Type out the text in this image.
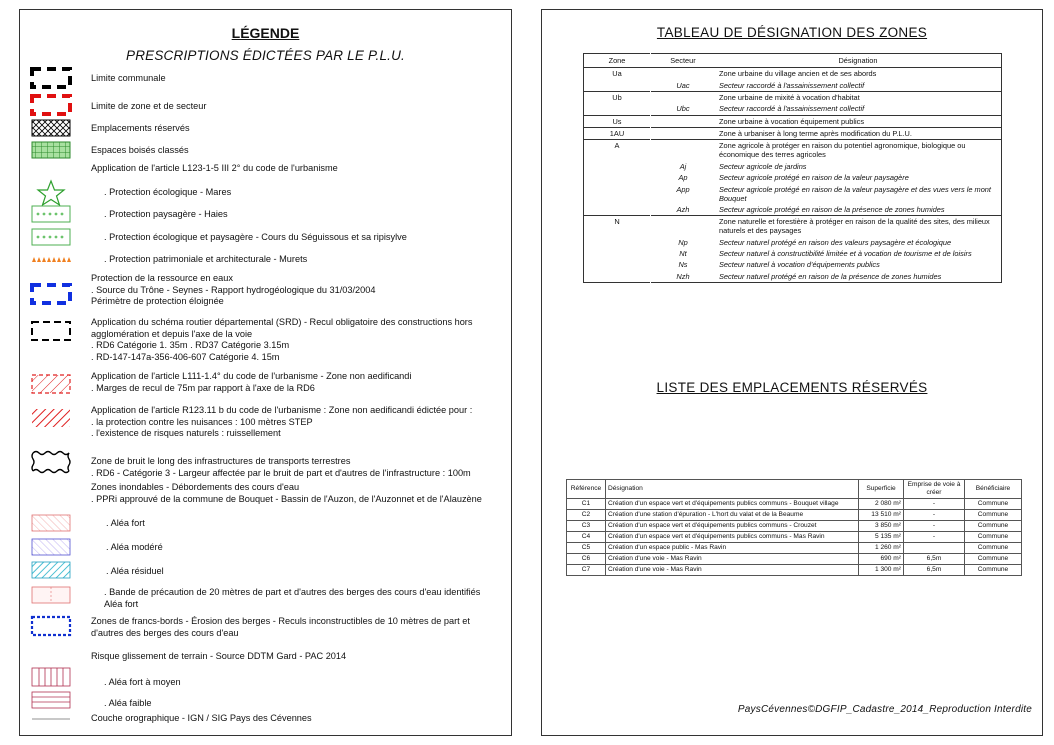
LÉGENDE
PRESCRIPTIONS ÉDICTÉES PAR LE P.L.U.
Limite communale
Limite de zone et de secteur
Emplacements réservés
Espaces boisés classés
Application de l'article L123-1-5 III 2° du code de l'urbanisme
. Protection écologique - Mares
. Protection paysagère - Haies
. Protection écologique et paysagère - Cours du Séguissous et sa ripisylve
. Protection patrimoniale et architecturale - Murets
Protection de la ressource en eaux
. Source du Trône - Seynes - Rapport hydrogéologique du 31/03/2004
Périmètre de protection éloignée
Application du schéma routier départemental (SRD) - Recul obligatoire des constructions hors agglomération et depuis l'axe de la voie
. RD6 Catégorie 1. 35m . RD37 Catégorie 3.15m
. RD-147-147a-356-406-607 Catégorie 4. 15m
Application de l'article L111-1.4° du code de l'urbanisme - Zone non aedificandi
. Marges de recul de 75m par rapport à l'axe de la RD6
Application de l'article R123.11 b du code de l'urbanisme : Zone non aedificandi édictée pour :
. la protection contre les nuisances : 100 mètres STEP
. l'existence de risques naturels : ruissellement
Zone de bruit le long des infrastructures de transports terrestres
. RD6 - Catégorie 3 - Largeur affectée par le bruit de part et d'autres de l'infrastructure : 100m
Zones inondables - Débordements des cours d'eau
. PPRi approuvé de la commune de Bouquet - Bassin de l'Auzon, de l'Auzonnet et de l'Alauzène
. Aléa fort
. Aléa modéré
. Aléa résiduel
. Bande de précaution de 20 mètres de part et d'autres des berges des cours d'eau identifiés
Aléa fort
Zones de francs-bords - Érosion des berges - Reculs inconstructibles de 10 mètres de part et d'autres des berges des cours d'eau
Risque glissement de terrain - Source DDTM Gard - PAC 2014
. Aléa fort à moyen
. Aléa faible
Couche orographique - IGN / SIG Pays des Cévennes
TABLEAU DE DÉSIGNATION DES ZONES
Zone	Secteur	Désignation
Ua		Zone urbaine du village ancien et de ses abords
	Uac	Secteur raccordé à l'assainissement collectif
Ub		Zone urbaine de mixité à vocation d'habitat
	Ubc	Secteur raccordé à l'assainissement collectif
Us		Zone urbaine à vocation équipement publics
1AU		Zone à urbaniser à long terme après modification du P.L.U.
A		Zone agricole à protéger en raison du potentiel agronomique, biologique ou économique des terres agricoles
	Aj	Secteur agricole de jardins
	Ap	Secteur agricole protégé en raison de la valeur paysagère
	App	Secteur agricole protégé en raison de la valeur paysagère et des vues vers le mont Bouquet
	Azh	Secteur agricole protégé en raison de la présence de zones humides
N		Zone naturelle et forestière à protéger en raison de la qualité des sites, des milieux naturels et des paysages
	Np	Secteur naturel protégé en raison des valeurs paysagère et écologique
	Nt	Secteur naturel à constructibilité limitée et à vocation de tourisme et de loisirs
	Ns	Secteur naturel à vocation d'équipements publics
	Nzh	Secteur naturel protégé en raison de la présence de zones humides
LISTE DES EMPLACEMENTS RÉSERVÉS
Référence	Désignation	Superficie	Emprise de voie à créer	Bénéficiaire
C1	Création d'un espace vert et d'équipements publics communs - Bouquet village	2 080 m²	-	Commune
C2	Création d'une station d'épuration - L'hort du valat et de la Beaume	13 510 m²	-	Commune
C3	Création d'un espace vert et d'équipements publics communs - Crouzet	3 850 m²	-	Commune
C4	Création d'un espace vert et d'équipements publics communs - Mas Ravin	5 135 m²	-	Commune
C5	Création d'un espace public - Mas Ravin	1 260 m²		Commune
C6	Création d'une voie - Mas Ravin	690 m²	6,5m	Commune
C7	Création d'une voie - Mas Ravin	1 300 m²	6,5m	Commune
PaysCévennes©DGFIP_Cadastre_2014_Reproduction Interdite
